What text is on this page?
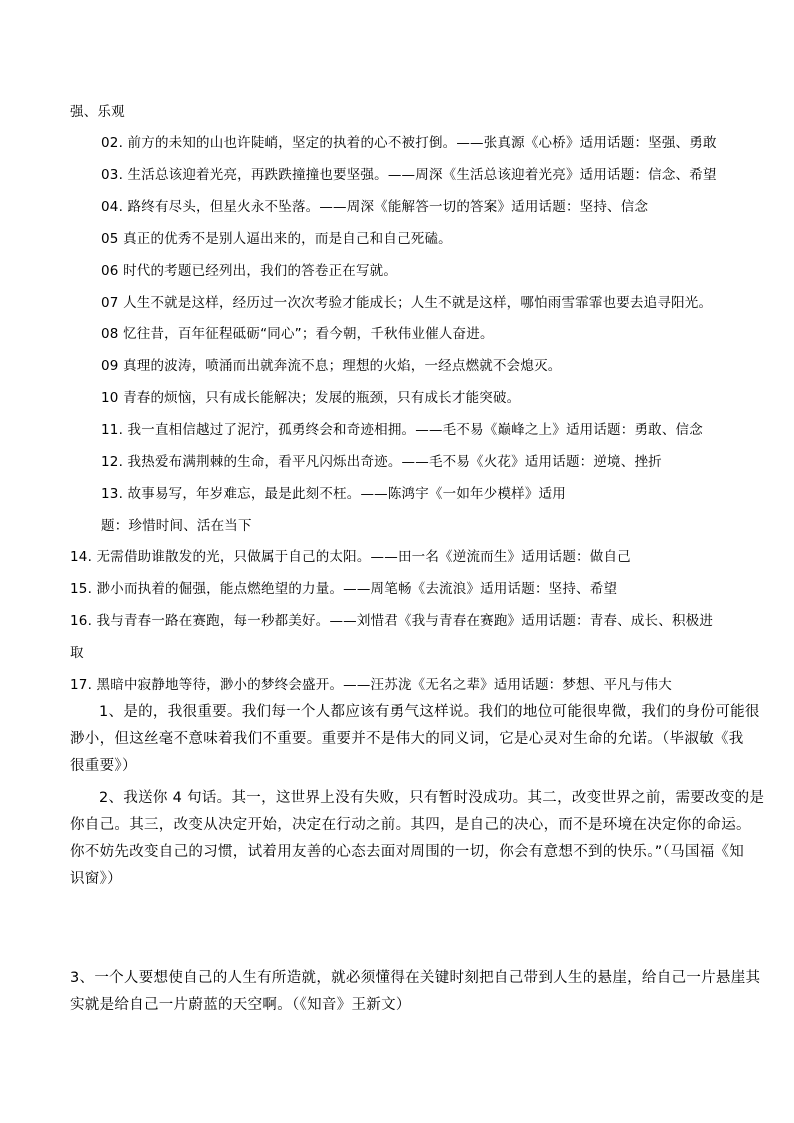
强、乐观
02. 前方的未知的山也许陡峭，坚定的执着的心不被打倒。——张真源《心桥》适用话题：坚强、勇敢
03. 生活总该迎着光亮，再跌跌撞撞也要坚强。——周深《生活总该迎着光亮》适用话题：信念、希望
04. 路终有尽头，但星火永不坠落。——周深《能解答一切的答案》适用话题：坚持、信念
05 真正的优秀不是别人逼出来的，而是自己和自己死磕。
06 时代的考题已经列出，我们的答卷正在写就。
07 人生不就是这样，经历过一次次考验才能成长；人生不就是这样，哪怕雨雪霏霏也要去追寻阳光。
08 忆往昔，百年征程砥砺“同心”；看今朝，千秋伟业催人奋进。
09 真理的波涛，喷涌而出就奔流不息；理想的火焰，一经点燃就不会熄灭。
10 青春的烦恼，只有成长能解决；发展的瓶颈，只有成长才能突破。
11. 我一直相信越过了泥泞，孤勇终会和奇迹相拥。——毛不易《巅峰之上》适用话题：勇敢、信念
12. 我热爱布满荆棘的生命，看平凡闪烁出奇迹。——毛不易《火花》适用话题：逆境、挫折
13. 故事易写，年岁难忘，最是此刻不枉。——陈鸿宇《一如年少模样》适用
题：珍惜时间、活在当下
14. 无需借助谁散发的光，只做属于自己的太阳。——田一名《逆流而生》适用话题：做自己
15. 渺小而执着的倔强，能点燃绝望的力量。——周笔畅《去流浪》适用话题：坚持、希望
16. 我与青春一路在赛跑，每一秒都美好。——刘惜君《我与青春在赛跑》适用话题：青春、成长、积极进
取
17. 黑暗中寂静地等待，渺小的梦终会盛开。——汪苏泷《无名之辈》适用话题：梦想、平凡与伟大
1、是的，我很重要。我们每一个人都应该有勇气这样说。我们的地位可能很卑微，我们的身份可能很
渺小，但这丝毫不意味着我们不重要。重要并不是伟大的同义词，它是心灵对生命的允诺。（毕淑敏《我
很重要》）
2、我送你 4 句话。其一，这世界上没有失败，只有暂时没成功。其二，改变世界之前，需要改变的是
你自己。其三，改变从决定开始，决定在行动之前。其四，是自己的决心，而不是环境在决定你的命运。
你不妨先改变自己的习惯，试着用友善的心态去面对周围的一切，你会有意想不到的快乐。”（马国福《知
识窗》）
3、一个人要想使自己的人生有所造就，就必须懂得在关键时刻把自己带到人生的悬崖，给自己一片悬崖其
实就是给自己一片蔚蓝的天空啊。（《知音》王新文）
